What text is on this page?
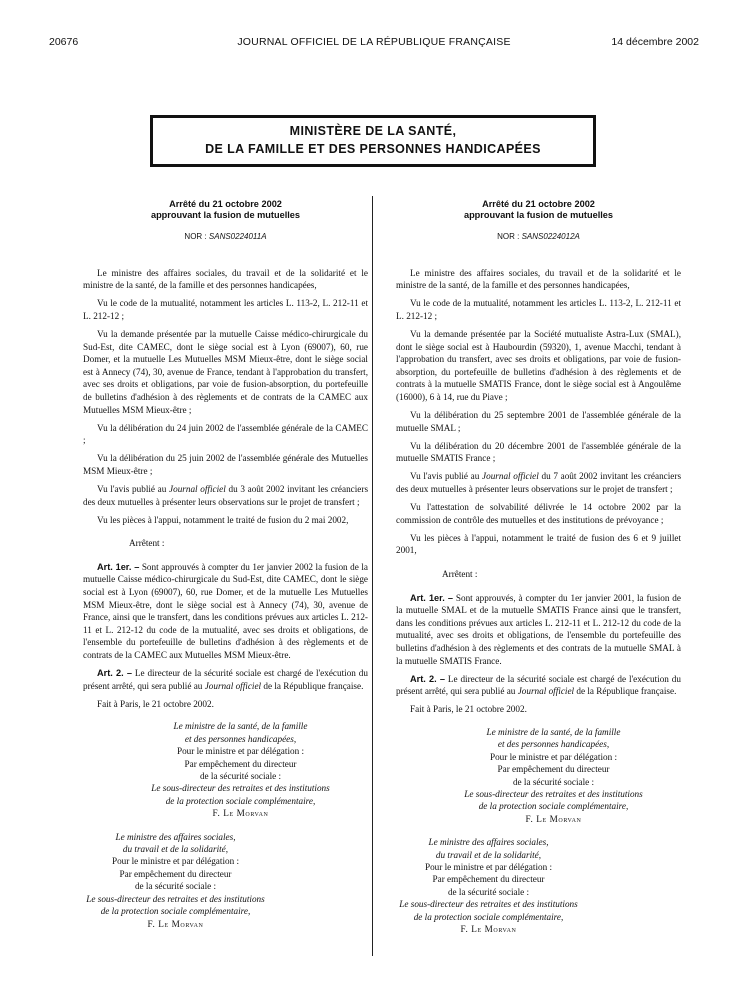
20676	JOURNAL OFFICIEL DE LA RÉPUBLIQUE FRANÇAISE	14 décembre 2002
MINISTÈRE DE LA SANTÉ,
DE LA FAMILLE ET DES PERSONNES HANDICAPÉES
Arrêté du 21 octobre 2002
approuvant la fusion de mutuelles
NOR : SANS0224011A

Le ministre des affaires sociales, du travail et de la solidarité et le ministre de la santé, de la famille et des personnes handicapées,

Vu le code de la mutualité, notamment les articles L. 113-2, L. 212-11 et L. 212-12 ;

Vu la demande présentée par la mutuelle Caisse médico-chirurgicale du Sud-Est, dite CAMEC, dont le siège social est à Lyon (69007), 60, rue Domer, et la mutuelle Les Mutuelles MSM Mieux-être, dont le siège social est à Annecy (74), 30, avenue de France, tendant à l'approbation du transfert, avec ses droits et obligations, par voie de fusion-absorption, du portefeuille de bulletins d'adhésion à des règlements et de contrats de la CAMEC aux Mutuelles MSM Mieux-être ;

Vu la délibération du 24 juin 2002 de l'assemblée générale de la CAMEC ;

Vu la délibération du 25 juin 2002 de l'assemblée générale des Mutuelles MSM Mieux-être ;

Vu l'avis publié au Journal officiel du 3 août 2002 invitant les créanciers des deux mutuelles à présenter leurs observations sur le projet de transfert ;

Vu les pièces à l'appui, notamment le traité de fusion du 2 mai 2002,

Arrêtent :

Art. 1er. – Sont approuvés à compter du 1er janvier 2002 la fusion de la mutuelle Caisse médico-chirurgicale du Sud-Est, dite CAMEC, dont le siège social est à Lyon (69007), 60, rue Domer, et de la mutuelle Les Mutuelles MSM Mieux-être, dont le siège social est à Annecy (74), 30, avenue de France, ainsi que le transfert, dans les conditions prévues aux articles L. 212-11 et L. 212-12 du code de la mutualité, avec ses droits et obligations, de l'ensemble du portefeuille de bulletins d'adhésion à des règlements et de contrats de la CAMEC aux Mutuelles MSM Mieux-être.

Art. 2. – Le directeur de la sécurité sociale est chargé de l'exécution du présent arrêté, qui sera publié au Journal officiel de la République française.

Fait à Paris, le 21 octobre 2002.

Le ministre de la santé, de la famille
et des personnes handicapées,
Pour le ministre et par délégation :
Par empêchement du directeur
de la sécurité sociale :
Le sous-directeur des retraites et des institutions
de la protection sociale complémentaire,
F. Le Morvan
Le ministre des affaires sociales,
du travail et de la solidarité,
Pour le ministre et par délégation :
Par empêchement du directeur
de la sécurité sociale :
Le sous-directeur des retraites et des institutions
de la protection sociale complémentaire,
F. Le Morvan
Arrêté du 21 octobre 2002
approuvant la fusion de mutuelles
NOR : SANS0224012A

Le ministre des affaires sociales, du travail et de la solidarité et le ministre de la santé, de la famille et des personnes handicapées,

Vu le code de la mutualité, notamment les articles L. 113-2, L. 212-11 et L. 212-12 ;

Vu la demande présentée par la Société mutualiste Astra-Lux (SMAL), dont le siège social est à Haubourdin (59320), 1, avenue Macchi, tendant à l'approbation du transfert, avec ses droits et obligations, par voie de fusion-absorption, du portefeuille de bulletins d'adhésion à des règlements et de contrats à la mutuelle SMATIS France, dont le siège social est à Angoulême (16000), 6 à 14, rue du Piave ;

Vu la délibération du 25 septembre 2001 de l'assemblée générale de la mutuelle SMAL ;

Vu la délibération du 20 décembre 2001 de l'assemblée générale de la mutuelle SMATIS France ;

Vu l'avis publié au Journal officiel du 7 août 2002 invitant les créanciers des deux mutuelles à présenter leurs observations sur le projet de transfert ;

Vu l'attestation de solvabilité délivrée le 14 octobre 2002 par la commission de contrôle des mutuelles et des institutions de prévoyance ;

Vu les pièces à l'appui, notamment le traité de fusion des 6 et 9 juillet 2001,

Arrêtent :

Art. 1er. – Sont approuvés, à compter du 1er janvier 2001, la fusion de la mutuelle SMAL et de la mutuelle SMATIS France ainsi que le transfert, dans les conditions prévues aux articles L. 212-11 et L. 212-12 du code de la mutualité, avec ses droits et obligations, de l'ensemble du portefeuille des bulletins d'adhésion à des règlements et des contrats de la mutuelle SMAL à la mutuelle SMATIS France.

Art. 2. – Le directeur de la sécurité sociale est chargé de l'exécution du présent arrêté, qui sera publié au Journal officiel de la République française.

Fait à Paris, le 21 octobre 2002.

Le ministre de la santé, de la famille
et des personnes handicapées,
Pour le ministre et par délégation :
Par empêchement du directeur
de la sécurité sociale :
Le sous-directeur des retraites et des institutions
de la protection sociale complémentaire,
F. Le Morvan
Le ministre des affaires sociales,
du travail et de la solidarité,
Pour le ministre et par délégation :
Par empêchement du directeur
de la sécurité sociale :
Le sous-directeur des retraites et des institutions
de la protection sociale complémentaire,
F. Le Morvan
